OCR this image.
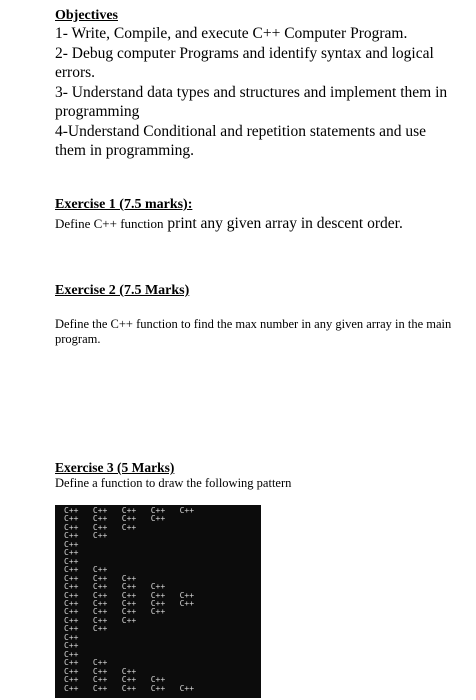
Objectives
1- Write, Compile, and execute C++ Computer Program.
2- Debug computer Programs and identify syntax and logical errors.
3- Understand data types and structures and implement them in programming
4-Understand Conditional and repetition statements and use them in programming.
Exercise 1 (7.5 marks):
Define C++ function print any given array in descent order.
Exercise 2 (7.5 Marks)
Define the C++ function to find the max number in any given array in the main program.
Exercise 3 (5 Marks)
Define a function to draw the following pattern
C++   C++   C++   C++   C++
C++   C++   C++   C++
C++   C++   C++
C++   C++
C++
C++
C++
C++   C++
C++   C++   C++
C++   C++   C++   C++
C++   C++   C++   C++   C++
C++   C++   C++   C++   C++
C++   C++   C++   C++
C++   C++   C++
C++   C++
C++
C++
C++
C++   C++
C++   C++   C++
C++   C++   C++   C++
C++   C++   C++   C++   C++
